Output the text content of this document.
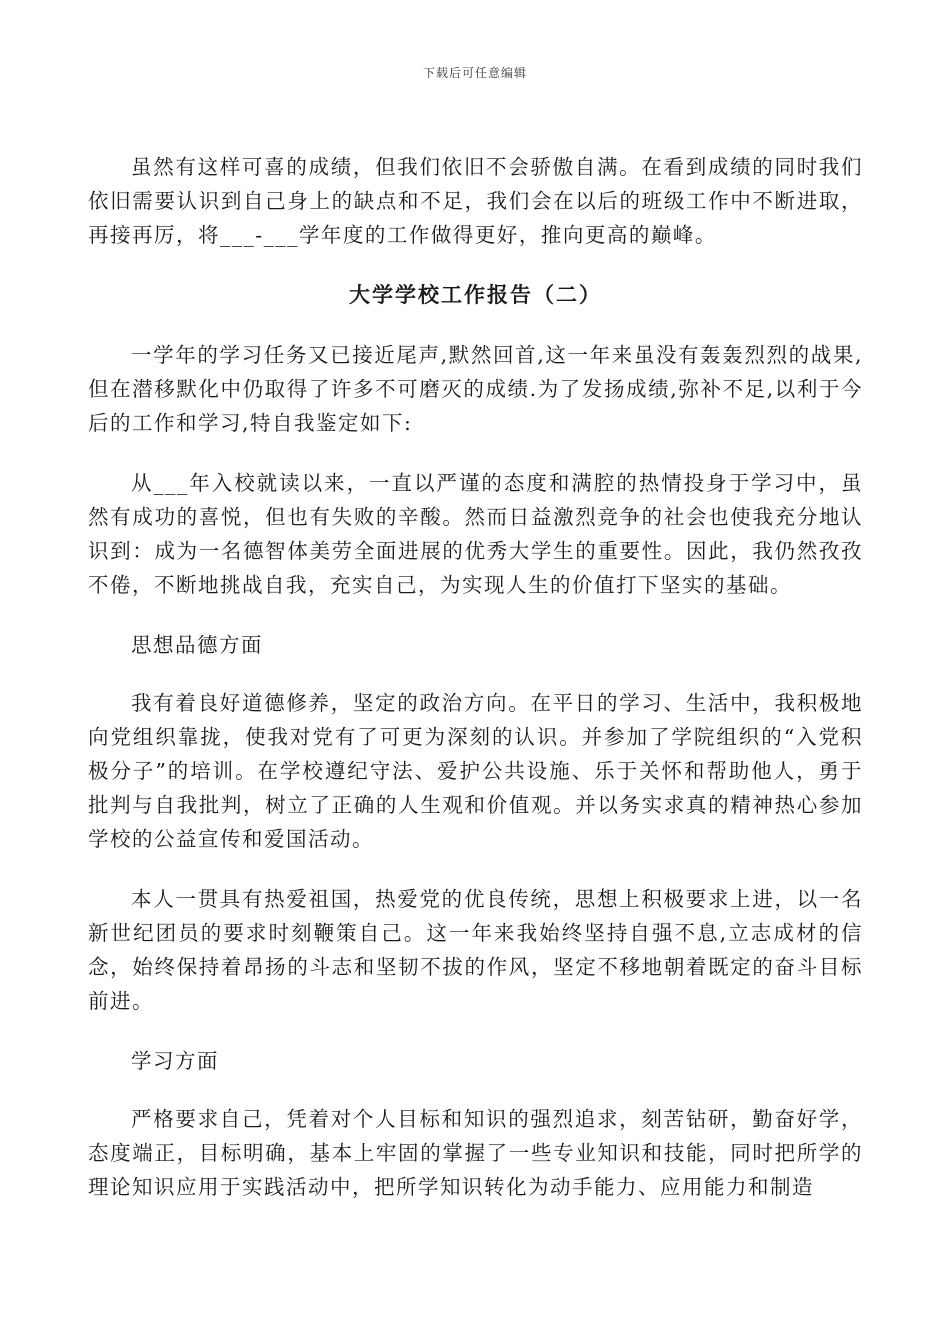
下载后可任意编辑

虽然有这样可喜的成绩，但我们依旧不会骄傲自满。在看到成绩的同时我们依旧需要认识到自己身上的缺点和不足，我们会在以后的班级工作中不断进取，再接再厉，将___-___学年度的工作做得更好，推向更高的巅峰。

大学学校工作报告（二）

一学年的学习任务又已接近尾声,默然回首,这一年来虽没有轰轰烈烈的战果,但在潜移默化中仍取得了许多不可磨灭的成绩.为了发扬成绩,弥补不足,以利于今后的工作和学习,特自我鉴定如下:

从___年入校就读以来，一直以严谨的态度和满腔的热情投身于学习中，虽然有成功的喜悦，但也有失败的辛酸。然而日益激烈竞争的社会也使我充分地认识到：成为一名德智体美劳全面进展的优秀大学生的重要性。因此，我仍然孜孜不倦，不断地挑战自我，充实自己，为实现人生的价值打下坚实的基础。

思想品德方面

我有着良好道德修养，坚定的政治方向。在平日的学习、生活中，我积极地向党组织靠拢，使我对党有了可更为深刻的认识。并参加了学院组织的“入党积极分子”的培训。在学校遵纪守法、爱护公共设施、乐于关怀和帮助他人，勇于批判与自我批判，树立了正确的人生观和价值观。并以务实求真的精神热心参加学校的公益宣传和爱国活动。

本人一贯具有热爱祖国，热爱党的优良传统，思想上积极要求上进，以一名新世纪团员的要求时刻鞭策自己。这一年来我始终坚持自强不息,立志成材的信念，始终保持着昂扬的斗志和坚韧不拔的作风，坚定不移地朝着既定的奋斗目标前进。

学习方面

严格要求自己，凭着对个人目标和知识的强烈追求，刻苦钻研，勤奋好学，态度端正，目标明确，基本上牢固的掌握了一些专业知识和技能，同时把所学的理论知识应用于实践活动中，把所学知识转化为动手能力、应用能力和制造
